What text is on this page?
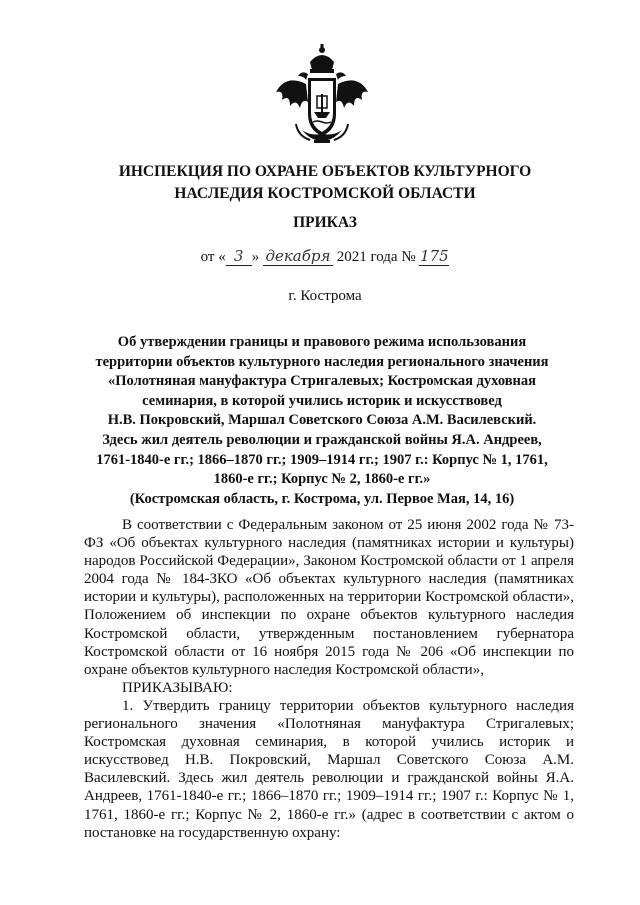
ИНСПЕКЦИЯ ПО ОХРАНЕ ОБЪЕКТОВ КУЛЬТУРНОГО
НАСЛЕДИЯ КОСТРОМСКОЙ ОБЛАСТИ
ПРИКАЗ
от « 3 » декабря 2021 года № 175
г. Кострома
Об утверждении границы и правового режима использования
территории объектов культурного наследия регионального значения
«Полотняная мануфактура Стригалевых; Костромская духовная
семинария, в которой учились историк и искусствовед
Н.В. Покровский, Маршал Советского Союза А.М. Василевский.
Здесь жил деятель революции и гражданской войны Я.А. Андреев,
1761-1840-е гг.; 1866–1870 гг.; 1909–1914 гг.; 1907 г.: Корпус № 1, 1761,
1860-е гг.; Корпус № 2, 1860-е гг.»
(Костромская область, г. Кострома, ул. Первое Мая, 14, 16)

В соответствии с Федеральным законом от 25 июня 2002 года № 73-ФЗ «Об объектах культурного наследия (памятниках истории и культуры) народов Российской Федерации», Законом Костромской области от 1 апреля 2004 года № 184-ЗКО «Об объектах культурного наследия (памятниках истории и культуры), расположенных на территории Костромской области», Положением об инспекции по охране объектов культурного наследия Костромской области, утвержденным постановлением губернатора Костромской области от 16 ноября 2015 года № 206 «Об инспекции по охране объектов культурного наследия Костромской области»,

ПРИКАЗЫВАЮ:

1. Утвердить границу территории объектов культурного наследия регионального значения «Полотняная мануфактура Стригалевых; Костромская духовная семинария, в которой учились историк и искусствовед Н.В. Покровский, Маршал Советского Союза А.М. Василевский. Здесь жил деятель революции и гражданской войны Я.А. Андреев, 1761-1840-е гг.; 1866–1870 гг.; 1909–1914 гг.; 1907 г.: Корпус № 1, 1761, 1860-е гг.; Корпус № 2, 1860-е гг.» (адрес в соответствии с актом о постановке на государственную охрану:
